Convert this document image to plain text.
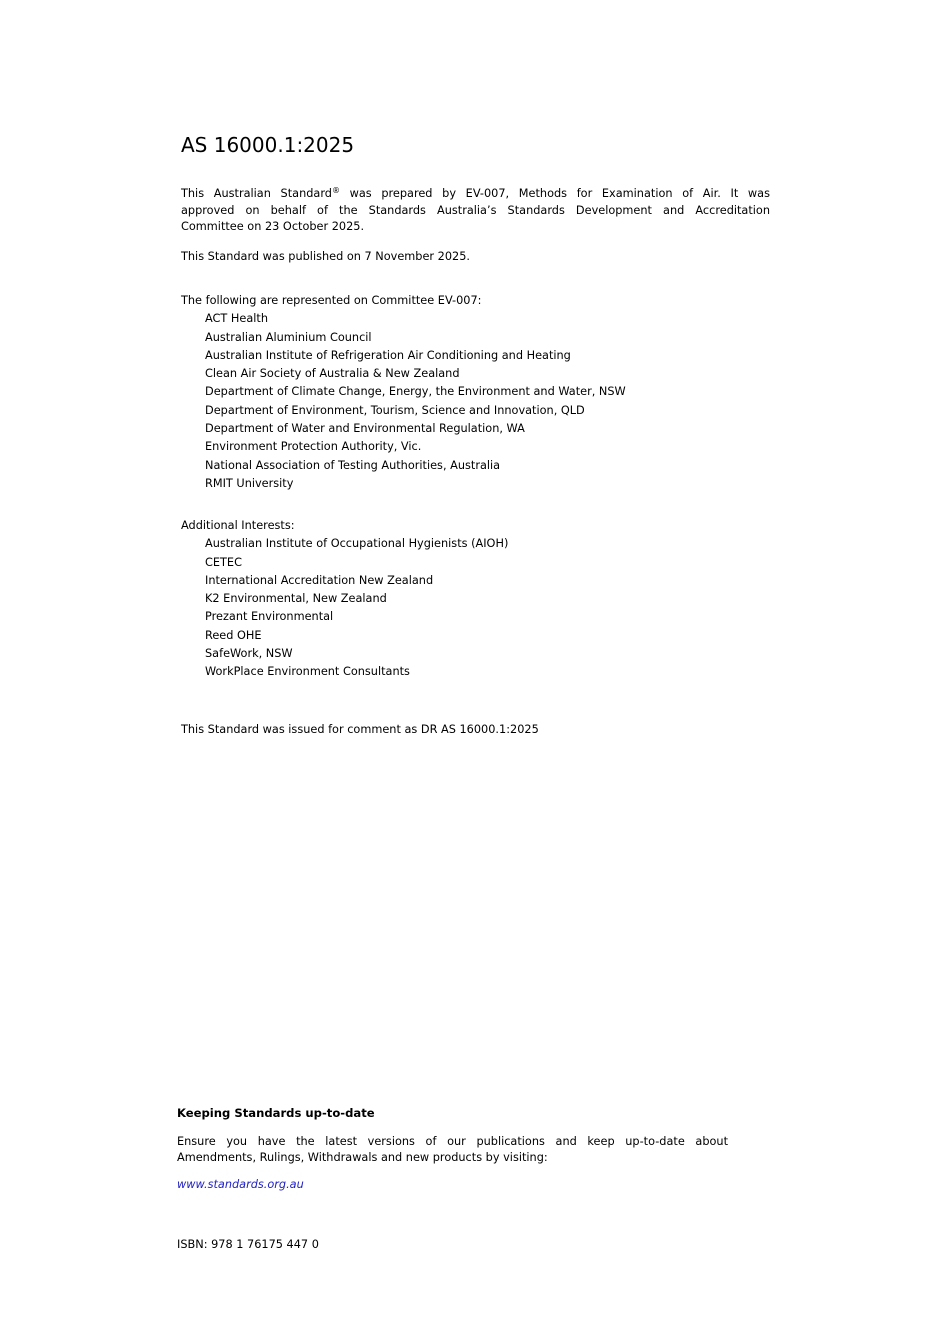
AS 16000.1:2025
This Australian Standard® was prepared by EV-007, Methods for Examination of Air. It was
approved on behalf of the Standards Australia’s Standards Development and Accreditation
Committee on 23 October 2025.
This Standard was published on 7 November 2025.
The following are represented on Committee EV-007:
ACT Health
Australian Aluminium Council
Australian Institute of Refrigeration Air Conditioning and Heating
Clean Air Society of Australia & New Zealand
Department of Climate Change, Energy, the Environment and Water, NSW
Department of Environment, Tourism, Science and Innovation, QLD
Department of Water and Environmental Regulation, WA
Environment Protection Authority, Vic.
National Association of Testing Authorities, Australia
RMIT University
Additional Interests:
Australian Institute of Occupational Hygienists (AIOH)
CETEC
International Accreditation New Zealand
K2 Environmental, New Zealand
Prezant Environmental
Reed OHE
SafeWork, NSW
WorkPlace Environment Consultants
This Standard was issued for comment as DR AS 16000.1:2025
Keeping Standards up-to-date
Ensure you have the latest versions of our publications and keep up-to-date about
Amendments, Rulings, Withdrawals and new products by visiting:
www.standards.org.au
ISBN: 978 1 76175 447 0
